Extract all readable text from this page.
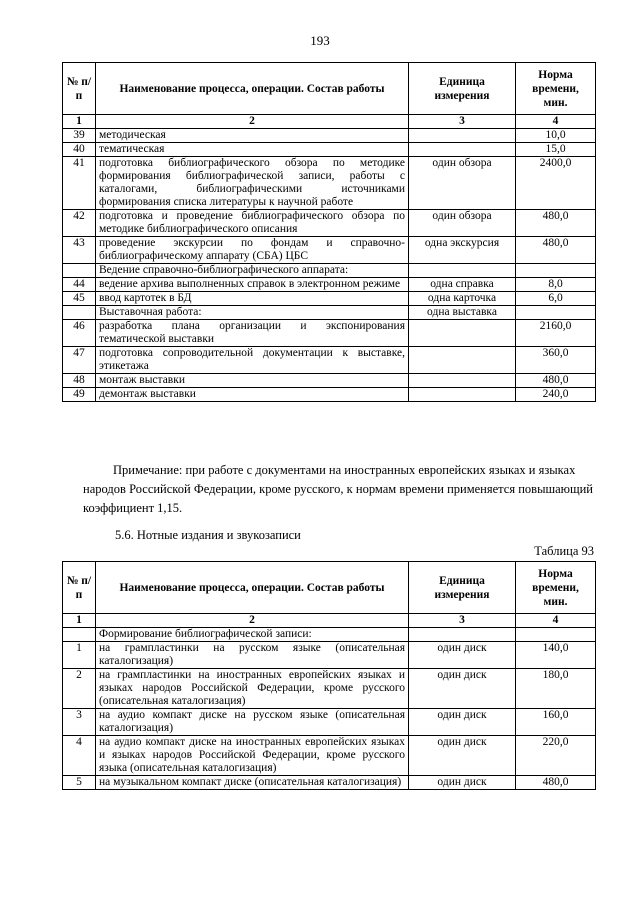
193
№ п/п	Наименование процесса, операции. Состав работы	Единица измерения	Норма времени, мин.
1	2	3	4
39	методическая		10,0
40	тематическая		15,0
41	подготовка библиографического обзора по методике формирования библиографической записи, работы с каталогами, библиографическими источниками формирования списка литературы к научной работе	один обзора	2400,0
42	подготовка и проведение библиографического обзора по методике библиографического описания	один обзора	480,0
43	проведение экскурсии по фондам и справочно-библиографическому аппарату (СБА) ЦБС	одна экскурсия	480,0
	Ведение справочно-библиографического аппарата:		
44	ведение архива выполненных справок в электронном режиме	одна справка	8,0
45	ввод картотек в БД	одна карточка	6,0
	Выставочная работа:	одна выставка	
46	разработка плана организации и экспонирования тематической выставки		2160,0
47	подготовка сопроводительной документации к выставке, этикетажа		360,0
48	монтаж выставки		480,0
49	демонтаж выставки		240,0
Примечание: при работе с документами на иностранных европейских языках и языках
народов Российской Федерации, кроме русского, к нормам времени применяется повышающий коэффициент 1,15.
5.6. Нотные издания и звукозаписи
Таблица 93
№ п/п	Наименование процесса, операции. Состав работы	Единица измерения	Норма времени, мин.
1	2	3	4
	Формирование библиографической записи:		
1	на грампластинки на русском языке (описательная каталогизация)	один диск	140,0
2	на грампластинки на иностранных европейских языках и языках народов Российской Федерации, кроме русского (описательная каталогизация)	один диск	180,0
3	на аудио компакт диске на русском языке (описательная каталогизация)	один диск	160,0
4	на аудио компакт диске на иностранных европейских языках и языках народов Российской Федерации, кроме русского языка (описательная каталогизация)	один диск	220,0
5	на музыкальном компакт диске (описательная каталогизация)	один диск	480,0
